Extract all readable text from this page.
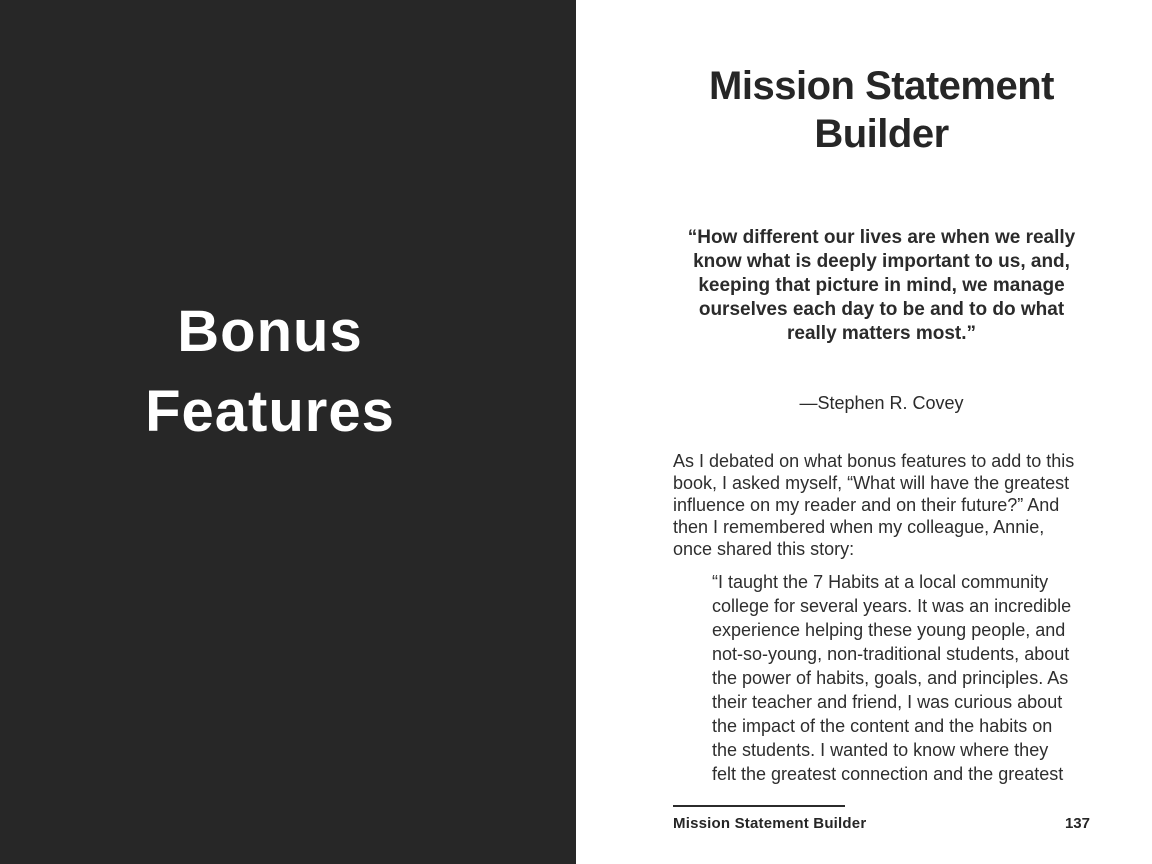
Bonus
Features
Mission Statement
Builder
“How different our lives are when we really
know what is deeply important to us, and,
keeping that picture in mind, we manage
ourselves each day to be and to do what
really matters most.”
—Stephen R. Covey
As I debated on what bonus features to add to this
book, I asked myself, “What will have the greatest
influence on my reader and on their future?” And
then I remembered when my colleague, Annie,
once shared this story:
“I taught the 7 Habits at a local community
college for several years. It was an incredible
experience helping these young people, and
not-so-young, non-traditional students, about
the power of habits, goals, and principles. As
their teacher and friend, I was curious about
the impact of the content and the habits on
the students. I wanted to know where they
felt the greatest connection and the greatest
Mission Statement Builder	137
